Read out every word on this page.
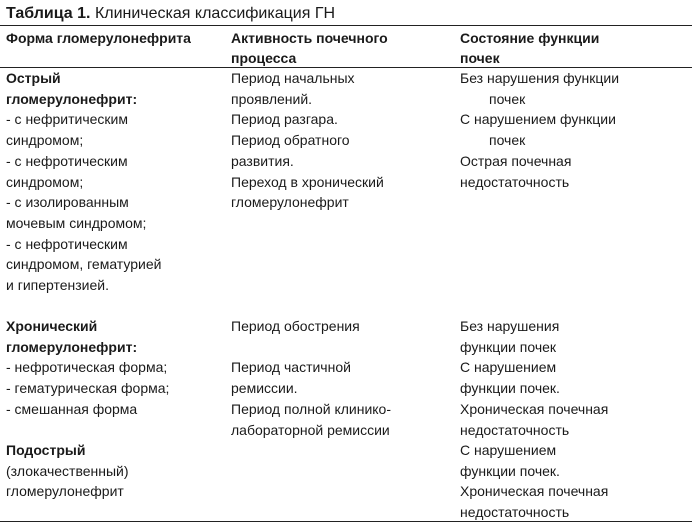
Таблица 1. Клиническая классификация ГН
Форма гломерулонефрита	Активность почечного
процесса
Состояние функции
почек
Острый
гломерулонефрит:
- с нефритическим
синдромом;
- с нефротическим
синдромом;
- с изолированным
мочевым синдромом;
- с нефротическим
синдромом, гематурией
и гипертензией.
Период начальных
проявлений.
Период разгара.
Период обратного
развития.
Переход в хронический
гломерулонефрит
Без нарушения функции
почек
С нарушением функции
почек
Острая почечная
недостаточность
Хронический
гломерулонефрит:
- нефротическая форма;
- гематурическая форма;
- смешанная форма
Период обострения

Период частичной
ремиссии.
Период полной клинико-
лабораторной ремиссии
Без нарушения
функции почек
С нарушением
функции почек.
Хроническая почечная
недостаточность
Подострый
(злокачественный)
гломерулонефрит
С нарушением
функции почек.
Хроническая почечная
недостаточность
